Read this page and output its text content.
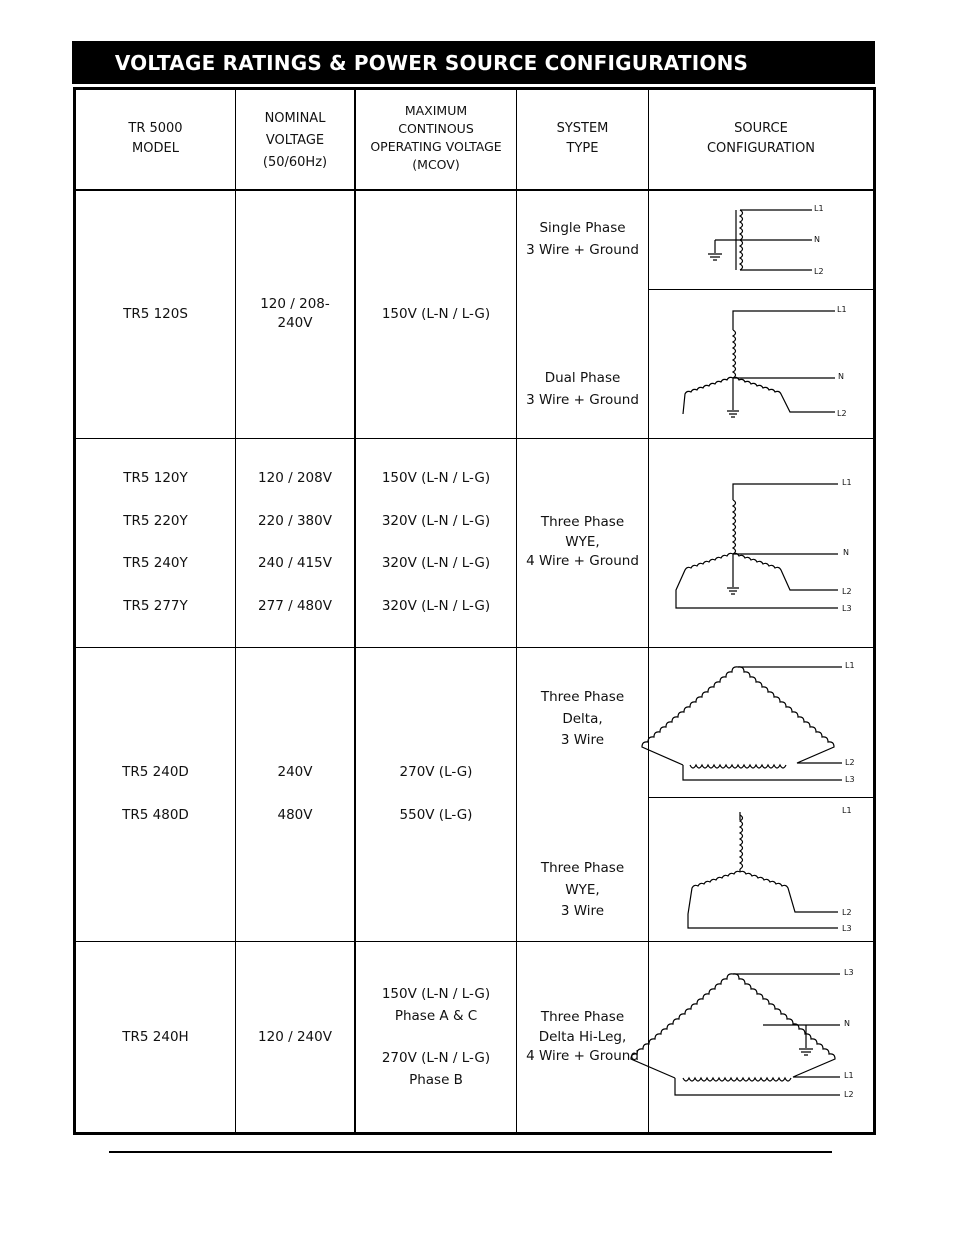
VOLTAGE RATINGS & POWER SOURCE CONFIGURATIONS
TR 5000
MODEL
NOMINAL
VOLTAGE
(50/60Hz)
MAXIMUM
CONTINOUS
OPERATING VOLTAGE
(MCOV)
SYSTEM
TYPE
SOURCE
CONFIGURATION
TR5 120S
120 / 208-
240V
150V (L-N / L-G)
Single Phase
3 Wire + Ground
Dual Phase
3 Wire + Ground
TR5 120Y
TR5 220Y
TR5 240Y
TR5 277Y
120 / 208V
220 / 380V
240 / 415V
277 / 480V
150V (L-N / L-G)
320V (L-N / L-G)
320V (L-N / L-G)
320V (L-N / L-G)
Three Phase
WYE,
4 Wire + Ground
TR5 240D
TR5 480D
240V
480V
270V (L-G)
550V (L-G)
Three Phase
Delta,
3 Wire
Three Phase
WYE,
3 Wire
TR5 240H	120 / 240V
150V (L-N / L-G)
Phase A & C
270V (L-N / L-G)
Phase B
Three Phase
Delta Hi-Leg,
4 Wire + Ground
L1
N
L2
L1
N
L2
L1
N
L2
L3
L1
L2
L3
L1
L2
L3
L3
N
L1
L2
